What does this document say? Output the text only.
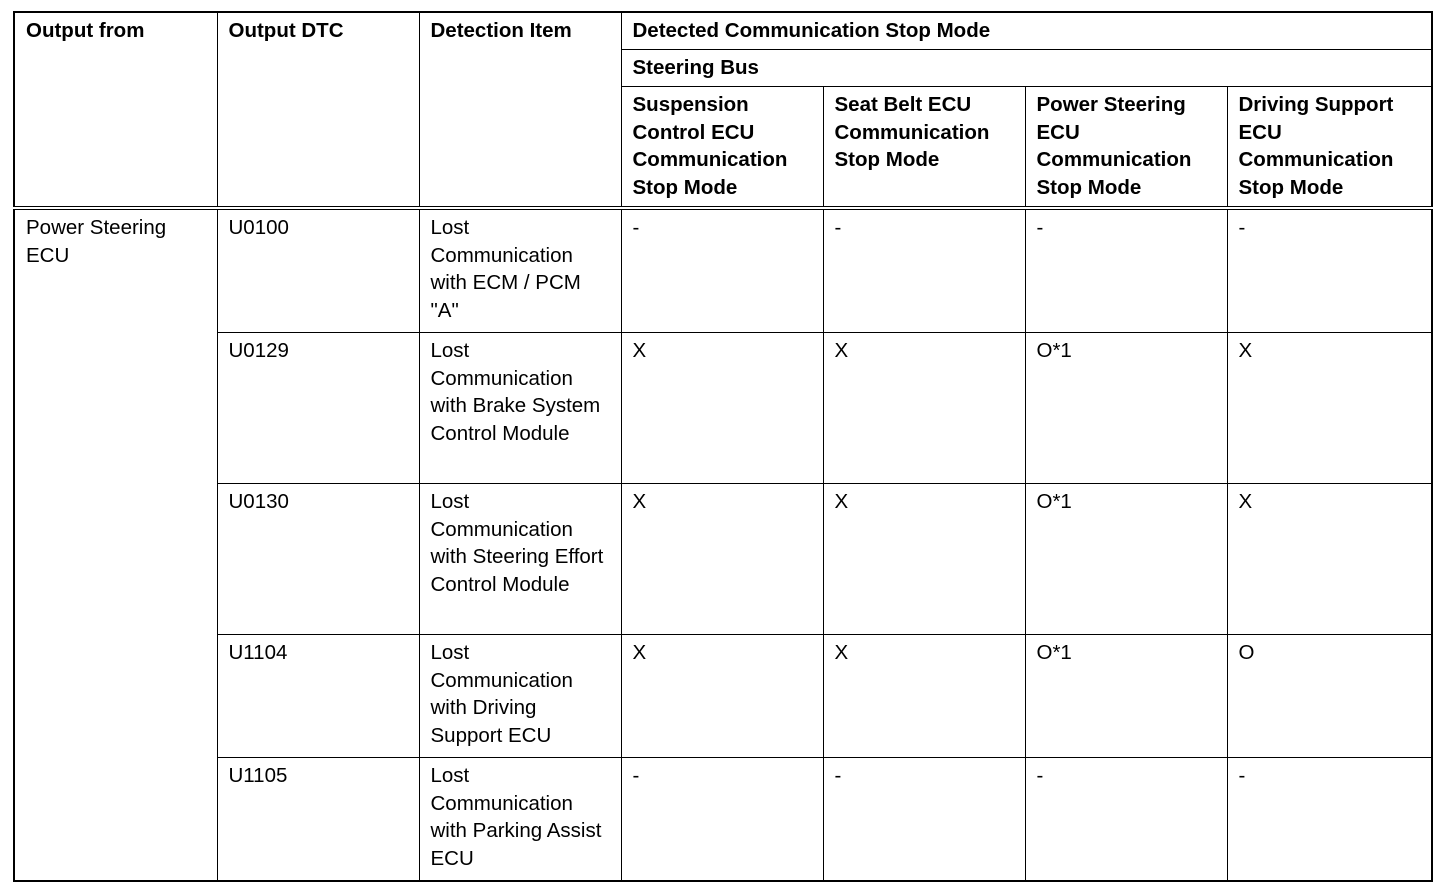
Output from	Output DTC	Detection Item	Detected Communication Stop Mode			
			Steering Bus			
			Suspension Control ECU Communication Stop Mode	Seat Belt ECU Communication Stop Mode	Power Steering ECU Communication Stop Mode	Driving Support ECU Communication Stop Mode
Power Steering ECU	U0100	Lost Communication with ECM / PCM "A"	-	-	-	-
	U0129	Lost Communication with Brake System Control Module	X	X	O*1	X
	U0130	Lost Communication with Steering Effort Control Module	X	X	O*1	X
	U1104	Lost Communication with Driving Support ECU	X	X	O*1	O
	U1105	Lost Communication with Parking Assist ECU	-	-	-	-
